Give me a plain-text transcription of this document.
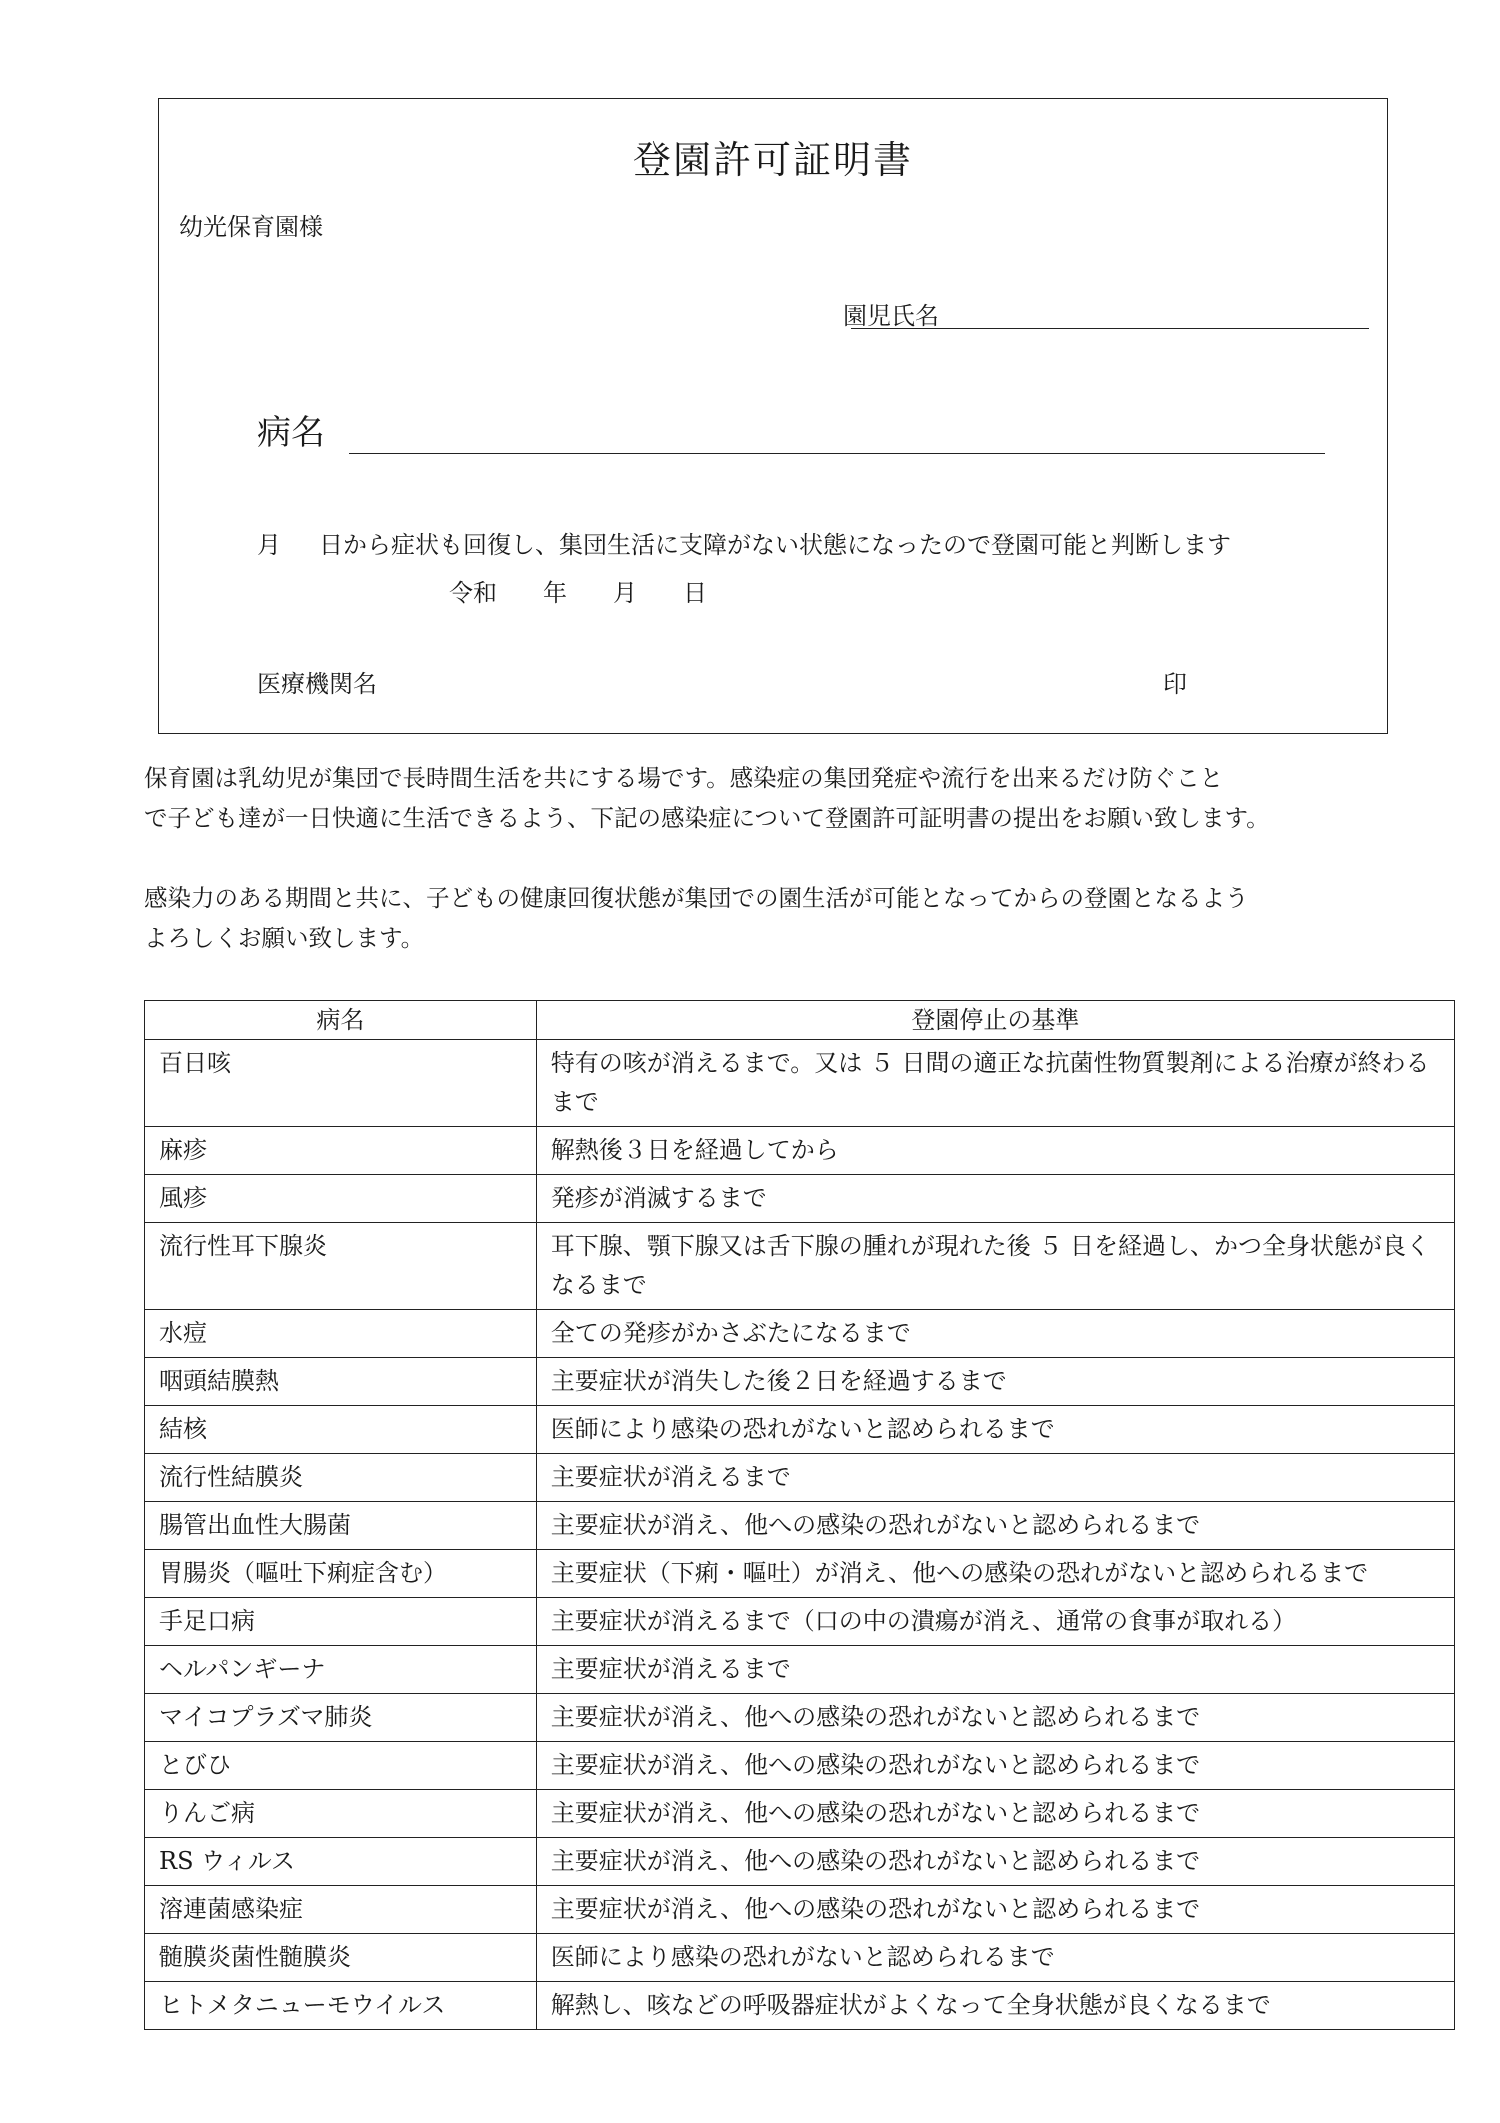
登園許可証明書
幼光保育園様
園児氏名
病名
月 日から症状も回復し、集団生活に支障がない状態になったので登園可能と判断します
令和 年 月 日
医療機関名	印
保育園は乳幼児が集団で長時間生活を共にする場です。感染症の集団発症や流行を出来るだけ防ぐこと
で子ども達が一日快適に生活できるよう、下記の感染症について登園許可証明書の提出をお願い致します。
感染力のある期間と共に、子どもの健康回復状態が集団での園生活が可能となってからの登園となるよう
よろしくお願い致します。
病名	登園停止の基準
百日咳	特有の咳が消えるまで。又は ５ 日間の適正な抗菌性物質製剤による治療が終わるまで
麻疹	解熱後３日を経過してから
風疹	発疹が消滅するまで
流行性耳下腺炎	耳下腺、顎下腺又は舌下腺の腫れが現れた後 ５ 日を経過し、かつ全身状態が良くなるまで
水痘	全ての発疹がかさぶたになるまで
咽頭結膜熱	主要症状が消失した後２日を経過するまで
結核	医師により感染の恐れがないと認められるまで
流行性結膜炎	主要症状が消えるまで
腸管出血性大腸菌	主要症状が消え、他への感染の恐れがないと認められるまで
胃腸炎（嘔吐下痢症含む）	主要症状（下痢・嘔吐）が消え、他への感染の恐れがないと認められるまで
手足口病	主要症状が消えるまで（口の中の潰瘍が消え、通常の食事が取れる）
ヘルパンギーナ	主要症状が消えるまで
マイコプラズマ肺炎	主要症状が消え、他への感染の恐れがないと認められるまで
とびひ	主要症状が消え、他への感染の恐れがないと認められるまで
りんご病	主要症状が消え、他への感染の恐れがないと認められるまで
RS ウィルス	主要症状が消え、他への感染の恐れがないと認められるまで
溶連菌感染症	主要症状が消え、他への感染の恐れがないと認められるまで
髄膜炎菌性髄膜炎	医師により感染の恐れがないと認められるまで
ヒトメタニューモウイルス	解熱し、咳などの呼吸器症状がよくなって全身状態が良くなるまで
